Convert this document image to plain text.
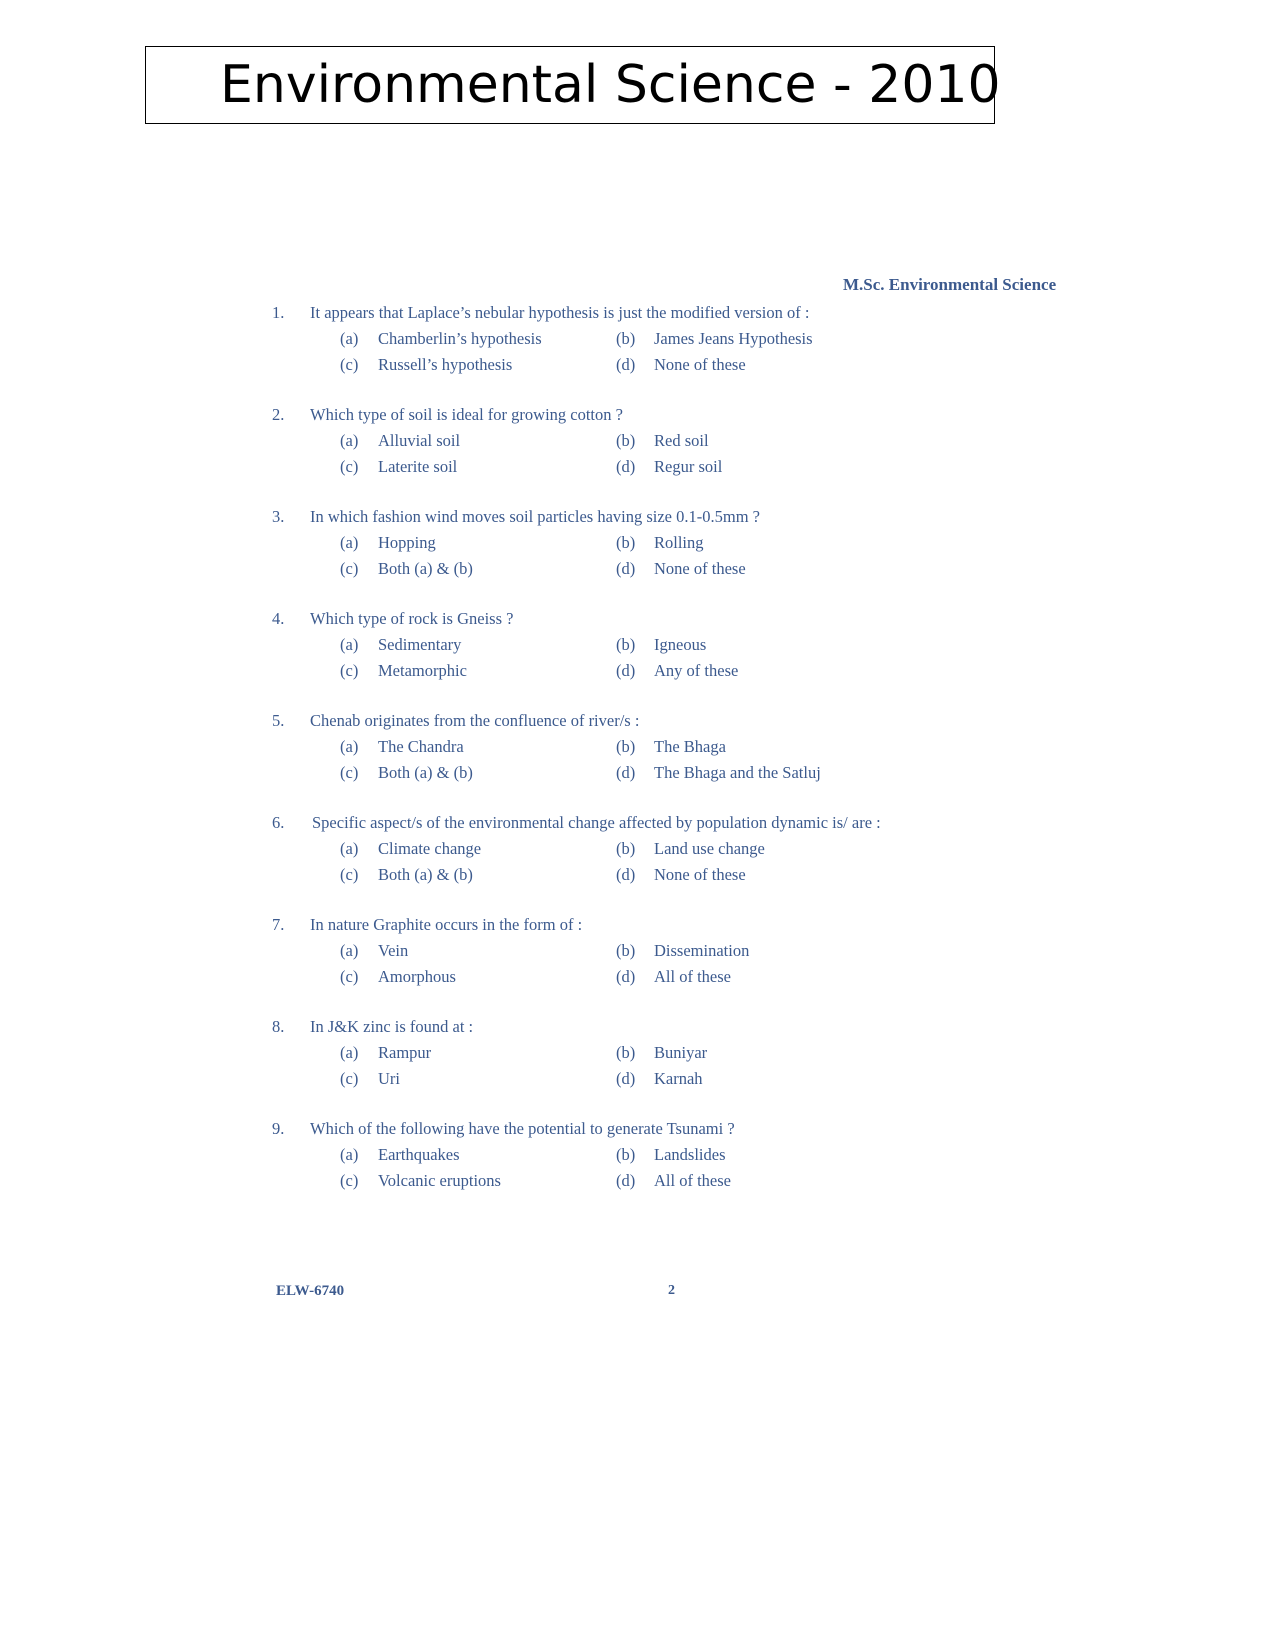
Environmental Science - 2010
M.Sc. Environmental Science
1. It appears that Laplace’s nebular hypothesis is just the modified version of :
(a) Chamberlin’s hypothesis	(b) James Jeans Hypothesis
(c) Russell’s hypothesis	(d) None of these
2. Which type of soil is ideal for growing cotton ?
(a) Alluvial soil	(b) Red soil
(c) Laterite soil	(d) Regur soil
3. In which fashion wind moves soil particles having size 0.1-0.5mm ?
(a) Hopping	(b) Rolling
(c) Both (a) & (b)	(d) None of these
4. Which type of rock is Gneiss ?
(a) Sedimentary	(b) Igneous
(c) Metamorphic	(d) Any of these
5. Chenab originates from the confluence of river/s :
(a) The Chandra	(b) The Bhaga
(c) Both (a) & (b)	(d) The Bhaga and the Satluj
6. Specific aspect/s of the environmental change affected by population dynamic is/ are :
(a) Climate change	(b) Land use change
(c) Both (a) & (b)	(d) None of these
7. In nature Graphite occurs in the form of :
(a) Vein	(b) Dissemination
(c) Amorphous	(d) All of these
8. In J&K zinc is found at :
(a) Rampur	(b) Buniyar
(c) Uri	(d) Karnah
9. Which of the following have the potential to generate Tsunami ?
(a) Earthquakes	(b) Landslides
(c) Volcanic eruptions	(d) All of these
ELW-6740	2
